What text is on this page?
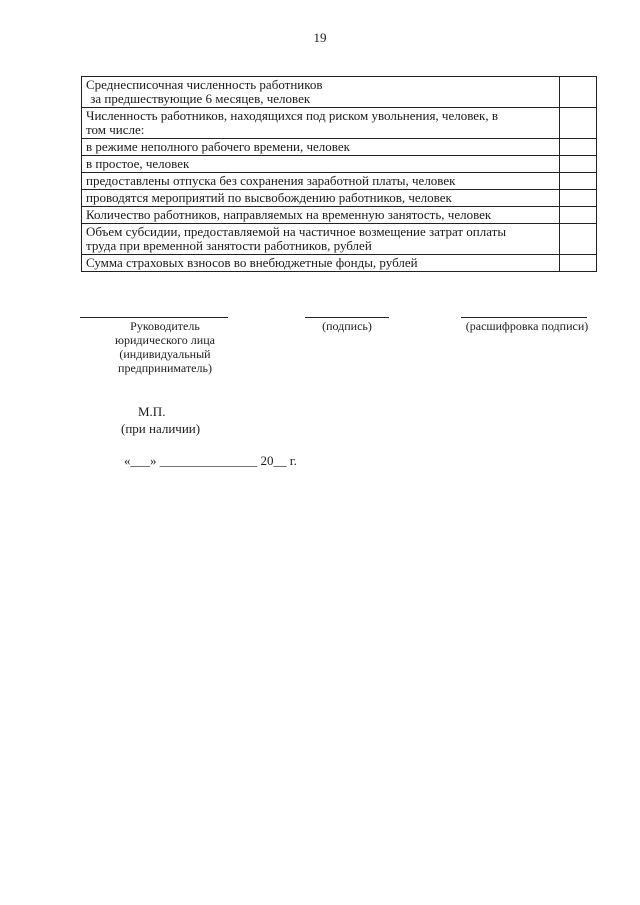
19
Среднесписочная численность работников

за предшествующие 6 месяцев, человек	

Численность работников, находящихся под риском увольнения, человек, в
том числе:	
в режиме неполного рабочего времени, человек	
в простое, человек	
предоставлены отпуска без сохранения заработной платы, человек	
проводятся мероприятий по высвобождению работников, человек	
Количество работников, направляемых на временную занятость, человек	
Объем субсидии, предоставляемой на частичное возмещение затрат оплаты
труда при временной занятости работников, рублей	
Сумма страховых взносов во внебюджетные фонды, рублей	
Руководитель
юридического лица
(индивидуальный
предприниматель)
(подпись)	(расшифровка подписи)
М.П.
(при наличии)
«___» _______________ 20__ г.
